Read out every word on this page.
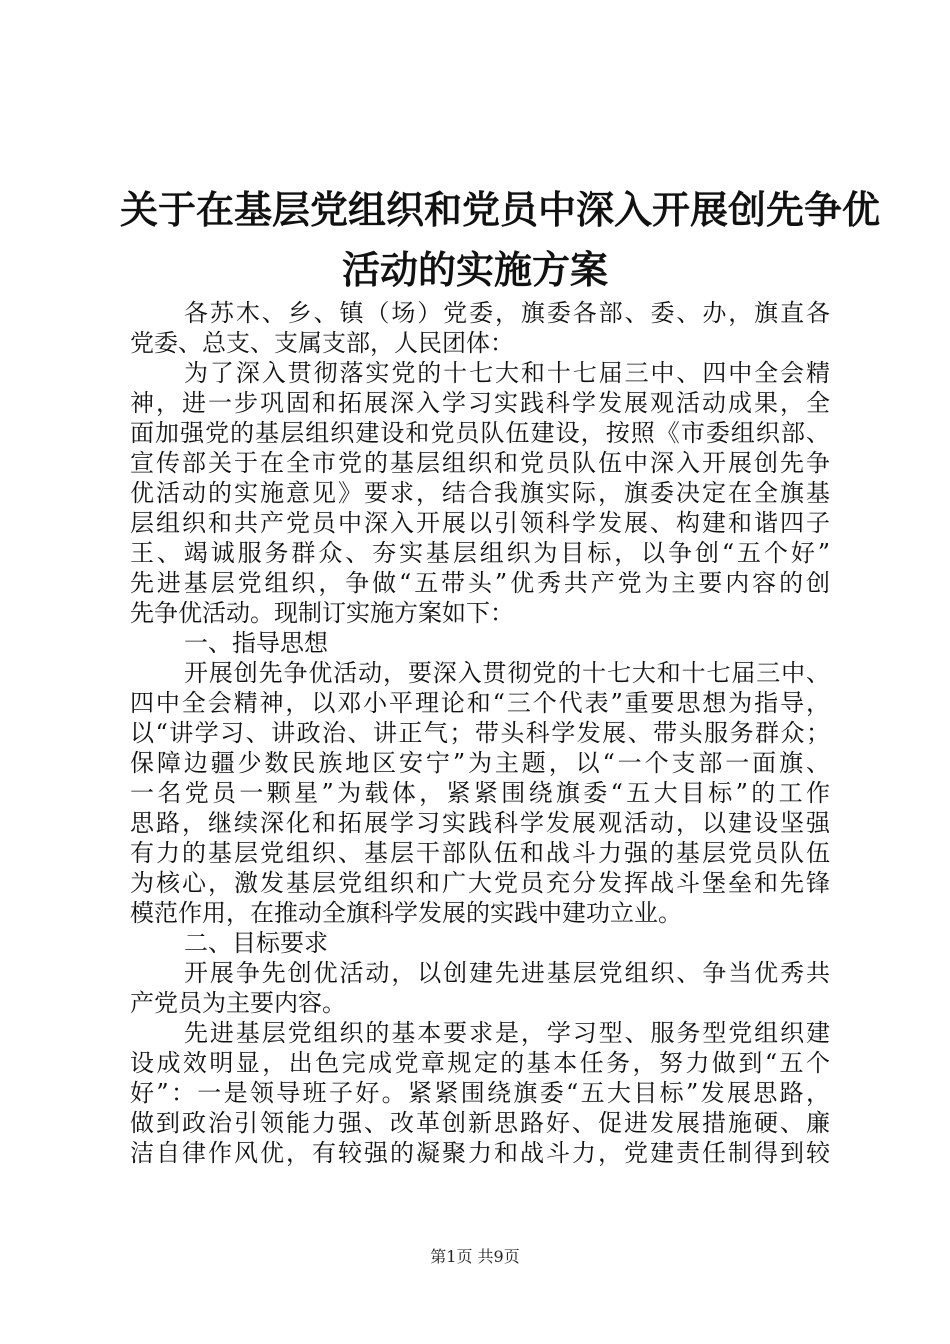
关于在基层党组织和党员中深入开展创先争优
活动的实施方案
各苏木、乡、镇（场）党委，旗委各部、委、办，旗直各
党委、总支、支属支部，人民团体：
为了深入贯彻落实党的十七大和十七届三中、四中全会精
神，进一步巩固和拓展深入学习实践科学发展观活动成果，全
面加强党的基层组织建设和党员队伍建设，按照《市委组织部、
宣传部关于在全市党的基层组织和党员队伍中深入开展创先争
优活动的实施意见》要求，结合我旗实际，旗委决定在全旗基
层组织和共产党员中深入开展以引领科学发展、构建和谐四子
王、竭诚服务群众、夯实基层组织为目标，以争创“五个好”
先进基层党组织，争做“五带头”优秀共产党为主要内容的创
先争优活动。现制订实施方案如下：
一、指导思想
开展创先争优活动，要深入贯彻党的十七大和十七届三中、
四中全会精神，以邓小平理论和“三个代表”重要思想为指导，
以“讲学习、讲政治、讲正气；带头科学发展、带头服务群众；
保障边疆少数民族地区安宁”为主题，以“一个支部一面旗、
一名党员一颗星”为载体，紧紧围绕旗委“五大目标”的工作
思路，继续深化和拓展学习实践科学发展观活动，以建设坚强
有力的基层党组织、基层干部队伍和战斗力强的基层党员队伍
为核心，激发基层党组织和广大党员充分发挥战斗堡垒和先锋
模范作用，在推动全旗科学发展的实践中建功立业。
二、目标要求
开展争先创优活动，以创建先进基层党组织、争当优秀共
产党员为主要内容。
先进基层党组织的基本要求是，学习型、服务型党组织建
设成效明显，出色完成党章规定的基本任务，努力做到“五个
好”：一是领导班子好。紧紧围绕旗委“五大目标”发展思路，
做到政治引领能力强、改革创新思路好、促进发展措施硬、廉
洁自律作风优，有较强的凝聚力和战斗力，党建责任制得到较
第1页 共9页
